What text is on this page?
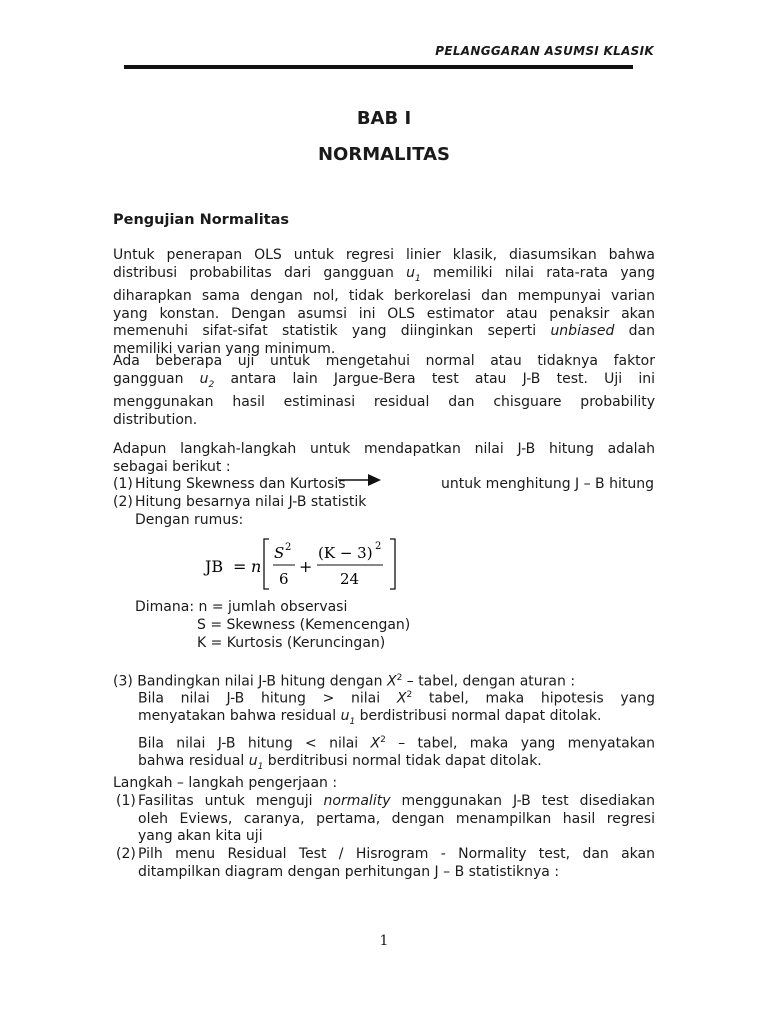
PELANGGARAN ASUMSI KLASIK
BAB I
NORMALITAS
Pengujian Normalitas
Untuk penerapan OLS untuk regresi linier klasik, diasumsikan bahwa
distribusi probabilitas dari gangguan $u_1$ memiliki nilai rata-rata yang
diharapkan sama dengan nol, tidak berkorelasi dan mempunyai varian
yang konstan. Dengan asumsi ini OLS estimator atau penaksir akan
memenuhi sifat-sifat statistik yang diinginkan seperti unbiased dan
memiliki varian yang minimum.
Ada beberapa uji untuk mengetahui normal atau tidaknya faktor
gangguan $u_2$ antara lain Jargue-Bera test atau J-B test. Uji ini
menggunakan hasil estiminasi residual dan chisguare probability
distribution.
Adapun langkah-langkah untuk mendapatkan nilai J-B hitung adalah
sebagai berikut :
(1) Hitung Skewness dan Kurtosis	untuk menghitung J – B hitung
(2) Hitung besarnya nilai J-B statistik
Dengan rumus:
JB = n
S 2
6
+
(K − 3) 2
24
Dimana: n = jumlah observasi
S = Skewness (Kemencengan)
K = Kurtosis (Keruncingan)
(3) Bandingkan nilai J-B hitung dengan $X^2$ – tabel, dengan aturan :
Bila nilai J-B hitung > nilai $X^2$ tabel, maka hipotesis yang
menyatakan bahwa residual $u_1$ berdistribusi normal dapat ditolak.
Bila nilai J-B hitung < nilai $X^2$ – tabel, maka yang menyatakan
bahwa residual $u_1$ berditribusi normal tidak dapat ditolak.
Langkah – langkah pengerjaan :
(1) Fasilitas untuk menguji normality menggunakan J-B test disediakan
oleh Eviews, caranya, pertama, dengan menampilkan hasil regresi
yang akan kita uji
(2) Pilh menu Residual Test / Hisrogram - Normality test, dan akan
ditampilkan diagram dengan perhitungan J – B statistiknya :
1
